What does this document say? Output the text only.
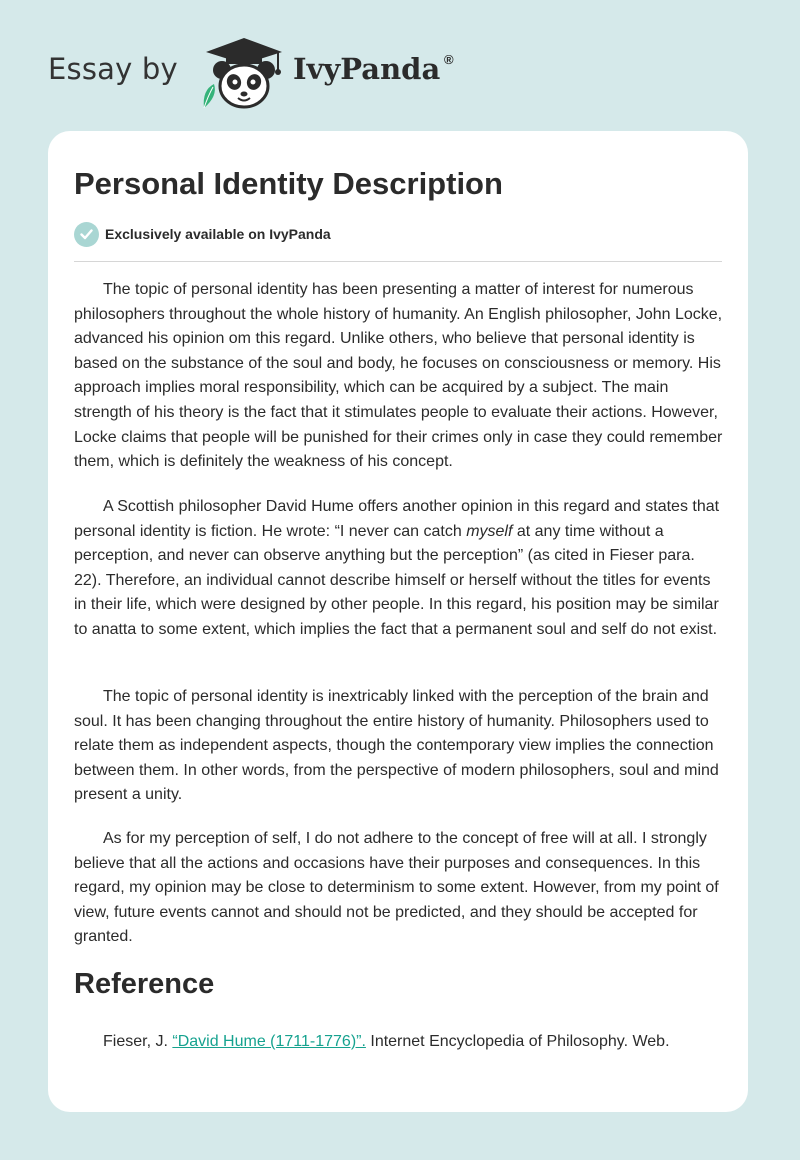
Essay by	IvyPanda ®
Personal Identity Description
Exclusively available on IvyPanda

The topic of personal identity has been presenting a matter of interest for numerous philosophers throughout the whole history of humanity. An English philosopher, John Locke, advanced his opinion om this regard. Unlike others, who believe that personal identity is based on the substance of the soul and body, he focuses on consciousness or memory. His approach implies moral responsibility, which can be acquired by a subject. The main strength of his theory is the fact that it stimulates people to evaluate their actions. However, Locke claims that people will be punished for their crimes only in case they could remember them, which is definitely the weakness of his concept.

A Scottish philosopher David Hume offers another opinion in this regard and states that personal identity is fiction. He wrote: “I never can catch myself at any time without a perception, and never can observe anything but the perception” (as cited in Fieser para. 22). Therefore, an individual cannot describe himself or herself without the titles for events in their life, which were designed by other people. In this regard, his position may be similar to anatta to some extent, which implies the fact that a permanent soul and self do not exist.

The topic of personal identity is inextricably linked with the perception of the brain and soul. It has been changing throughout the entire history of humanity. Philosophers used to relate them as independent aspects, though the contemporary view implies the connection between them. In other words, from the perspective of modern philosophers, soul and mind present a unity.

As for my perception of self, I do not adhere to the concept of free will at all. I strongly believe that all the actions and occasions have their purposes and consequences. In this regard, my opinion may be close to determinism to some extent. However, from my point of view, future events cannot and should not be predicted, and they should be accepted for granted.

Reference

Fieser, J. “David Hume (1711-1776)”. Internet Encyclopedia of Philosophy. Web.
